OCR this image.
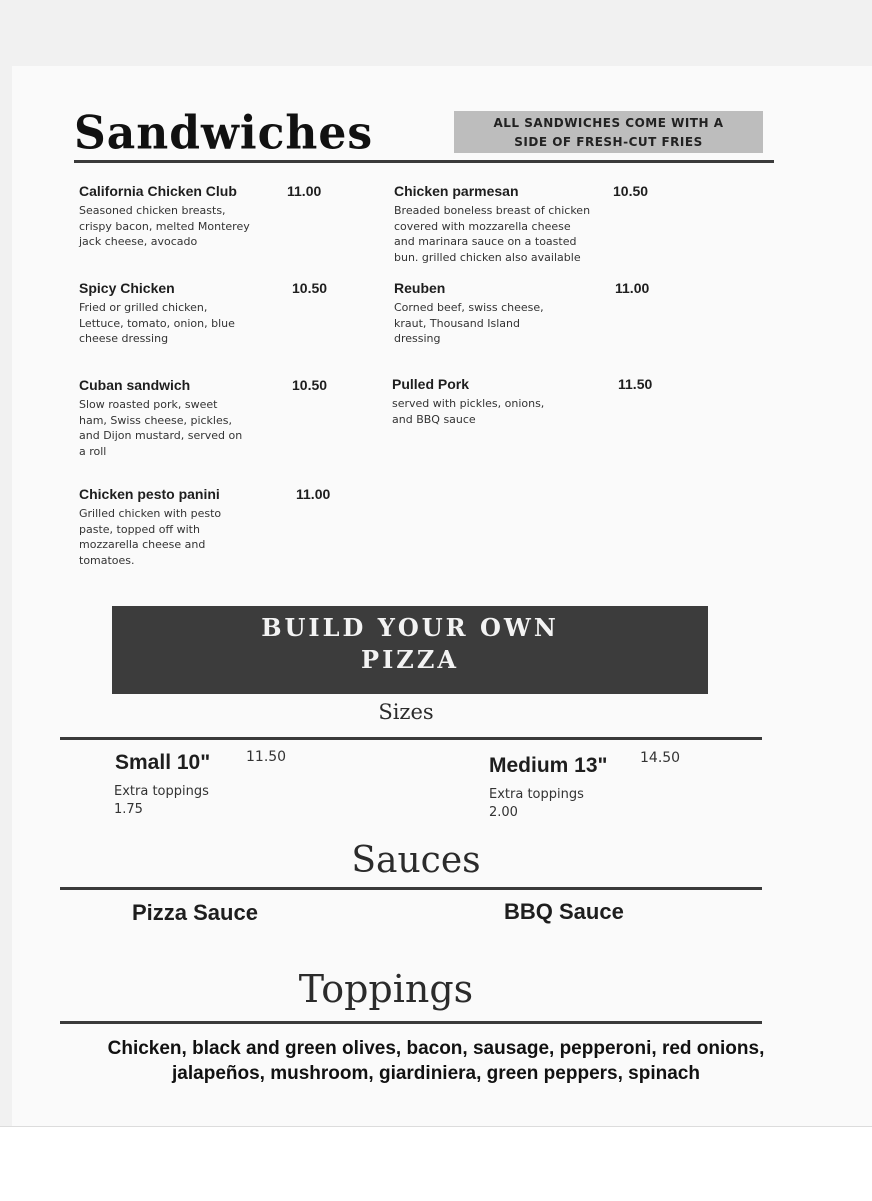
Sandwiches	ALL SANDWICHES COME WITH A
SIDE OF FRESH-CUT FRIES
California Chicken Club	11.00
Seasoned chicken breasts,
crispy bacon, melted Monterey
jack cheese, avocado
Chicken parmesan	10.50
Breaded boneless breast of chicken
covered with mozzarella cheese
and marinara sauce on a toasted
bun. grilled chicken also available
Spicy Chicken	10.50
Fried or grilled chicken,
Lettuce, tomato, onion, blue
cheese dressing
Reuben	11.00
Corned beef, swiss cheese,
kraut, Thousand Island
dressing
Cuban sandwich	10.50
Slow roasted pork, sweet
ham, Swiss cheese, pickles,
and Dijon mustard, served on
a roll
Pulled Pork	11.50
served with pickles, onions,
and BBQ sauce
Chicken pesto panini	11.00
Grilled chicken with pesto
paste, topped off with
mozzarella cheese and
tomatoes.
BUILD YOUR OWN
PIZZA
Sizes
Small 10"	11.50
Extra toppings
1.75
Medium 13" 14.50
Extra toppings
2.00
Sauces
Pizza Sauce	BBQ Sauce
Toppings
Chicken, black and green olives, bacon, sausage, pepperoni, red onions,
jalapeños, mushroom, giardiniera, green peppers, spinach
